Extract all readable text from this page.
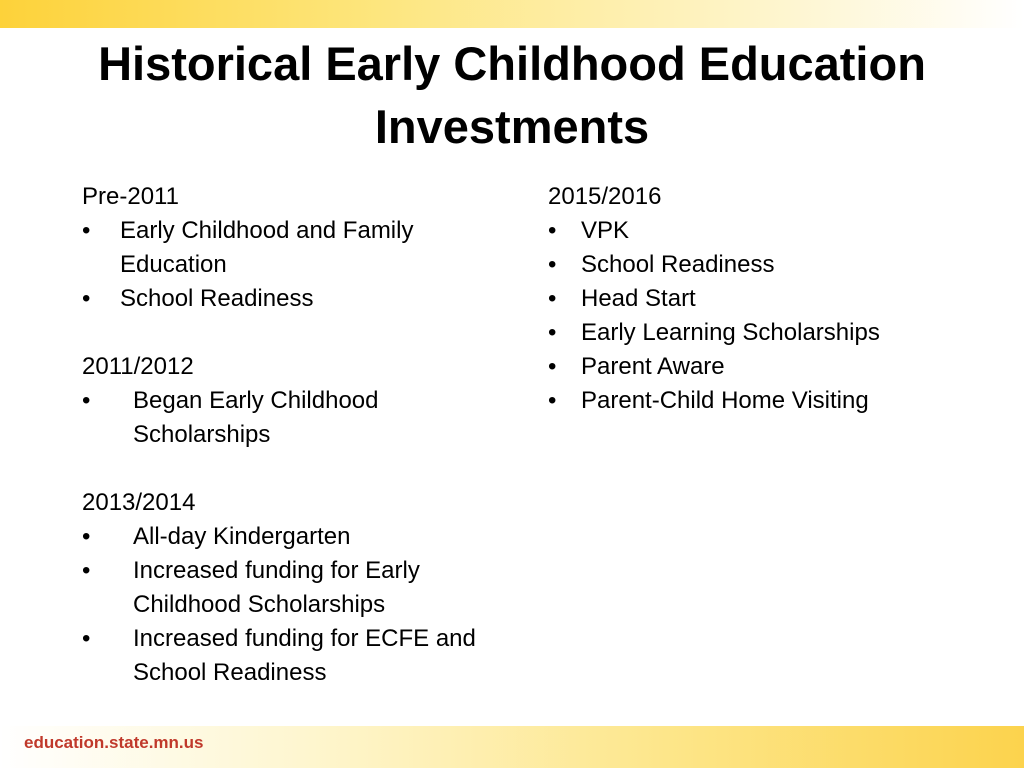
Historical Early Childhood Education Investments

Pre-2011

• Early Childhood and Family Education
• School Readiness

2011/2012

• Began Early Childhood Scholarships

2013/2014

• All-day Kindergarten
• Increased funding for Early Childhood Scholarships
• Increased funding for ECFE and School Readiness

2015/2016

• VPK
• School Readiness
• Head Start
• Early Learning Scholarships
• Parent Aware
• Parent-Child Home Visiting
education.state.mn.us
